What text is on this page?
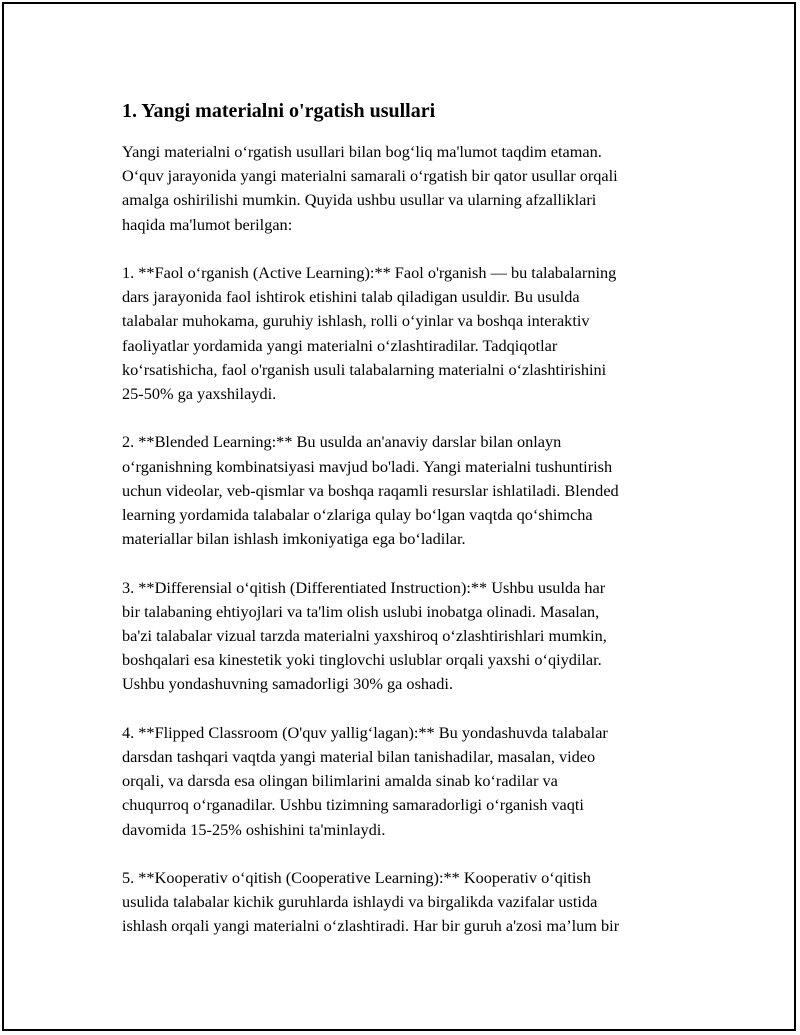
1. Yangi materialni o'rgatish usullari
Yangi materialni o‘rgatish usullari bilan bog‘liq ma'lumot taqdim etaman.
O‘quv jarayonida yangi materialni samarali o‘rgatish bir qator usullar orqali
amalga oshirilishi mumkin. Quyida ushbu usullar va ularning afzalliklari
haqida ma'lumot berilgan:
1. **Faol o‘rganish (Active Learning):** Faol o'rganish — bu talabalarning
dars jarayonida faol ishtirok etishini talab qiladigan usuldir. Bu usulda
talabalar muhokama, guruhiy ishlash, rolli o‘yinlar va boshqa interaktiv
faoliyatlar yordamida yangi materialni o‘zlashtiradilar. Tadqiqotlar
ko‘rsatishicha, faol o'rganish usuli talabalarning materialni o‘zlashtirishini
25-50% ga yaxshilaydi.
2. **Blended Learning:** Bu usulda an'anaviy darslar bilan onlayn
o‘rganishning kombinatsiyasi mavjud bo'ladi. Yangi materialni tushuntirish
uchun videolar, veb-qismlar va boshqa raqamli resurslar ishlatiladi. Blended
learning yordamida talabalar o‘zlariga qulay bo‘lgan vaqtda qo‘shimcha
materiallar bilan ishlash imkoniyatiga ega bo‘ladilar.
3. **Differensial o‘qitish (Differentiated Instruction):** Ushbu usulda har
bir talabaning ehtiyojlari va ta'lim olish uslubi inobatga olinadi. Masalan,
ba'zi talabalar vizual tarzda materialni yaxshiroq o‘zlashtirishlari mumkin,
boshqalari esa kinestetik yoki tinglovchi uslublar orqali yaxshi o‘qiydilar.
Ushbu yondashuvning samadorligi 30% ga oshadi.
4. **Flipped Classroom (O'quv yallig‘lagan):** Bu yondashuvda talabalar
darsdan tashqari vaqtda yangi material bilan tanishadilar, masalan, video
orqali, va darsda esa olingan bilimlarini amalda sinab ko‘radilar va
chuqurroq o‘rganadilar. Ushbu tizimning samaradorligi o‘rganish vaqti
davomida 15-25% oshishini ta'minlaydi.
5. **Kooperativ o‘qitish (Cooperative Learning):** Kooperativ o‘qitish
usulida talabalar kichik guruhlarda ishlaydi va birgalikda vazifalar ustida
ishlash orqali yangi materialni o‘zlashtiradi. Har bir guruh a'zosi ma’lum bir
